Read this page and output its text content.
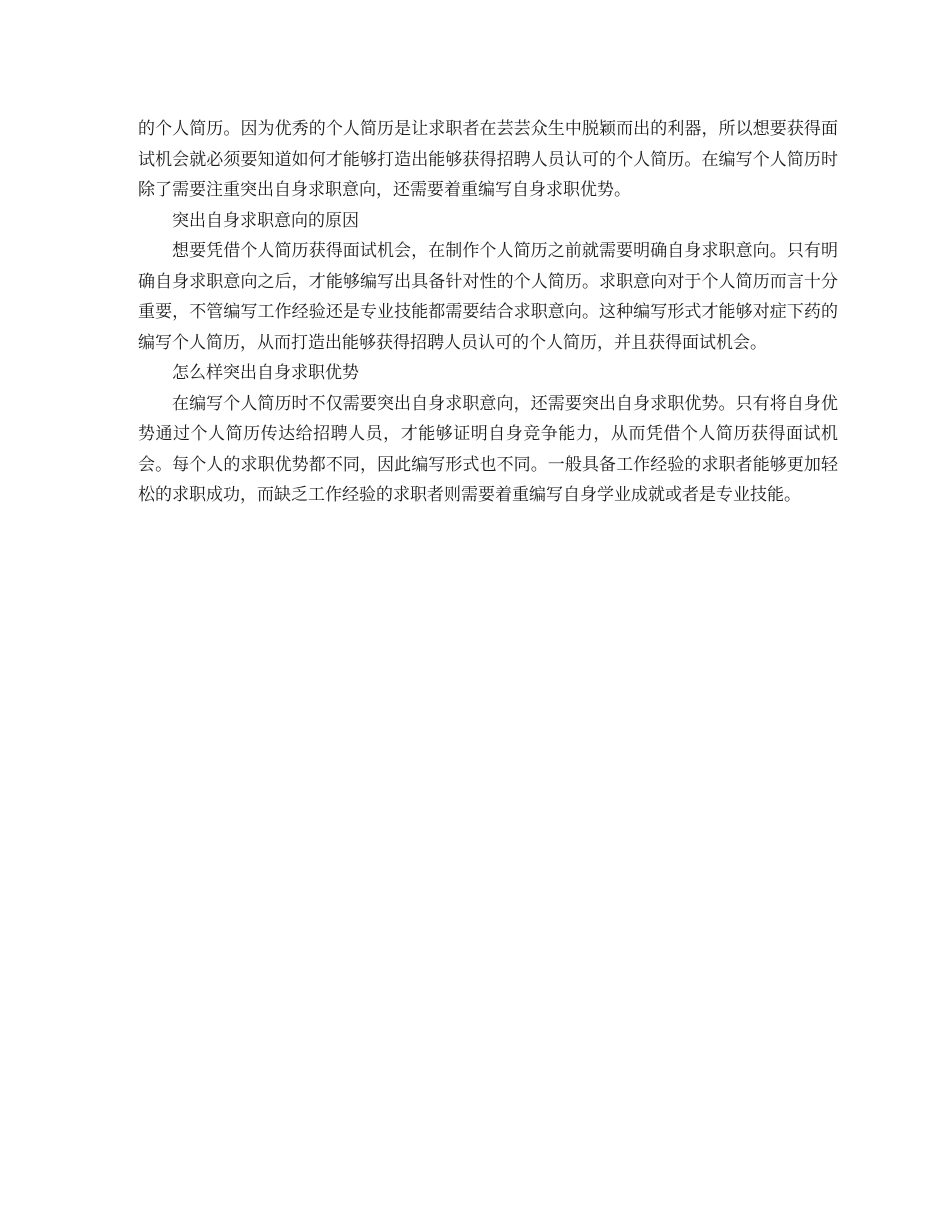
的个人简历。因为优秀的个人简历是让求职者在芸芸众生中脱颖而出的利器，所以想要获得面试机会就必须要知道如何才能够打造出能够获得招聘人员认可的个人简历。在编写个人简历时除了需要注重突出自身求职意向，还需要着重编写自身求职优势。

突出自身求职意向的原因

想要凭借个人简历获得面试机会，在制作个人简历之前就需要明确自身求职意向。只有明确自身求职意向之后，才能够编写出具备针对性的个人简历。求职意向对于个人简历而言十分重要，不管编写工作经验还是专业技能都需要结合求职意向。这种编写形式才能够对症下药的编写个人简历，从而打造出能够获得招聘人员认可的个人简历，并且获得面试机会。

怎么样突出自身求职优势

在编写个人简历时不仅需要突出自身求职意向，还需要突出自身求职优势。只有将自身优势通过个人简历传达给招聘人员，才能够证明自身竞争能力，从而凭借个人简历获得面试机会。每个人的求职优势都不同，因此编写形式也不同。一般具备工作经验的求职者能够更加轻松的求职成功，而缺乏工作经验的求职者则需要着重编写自身学业成就或者是专业技能。
